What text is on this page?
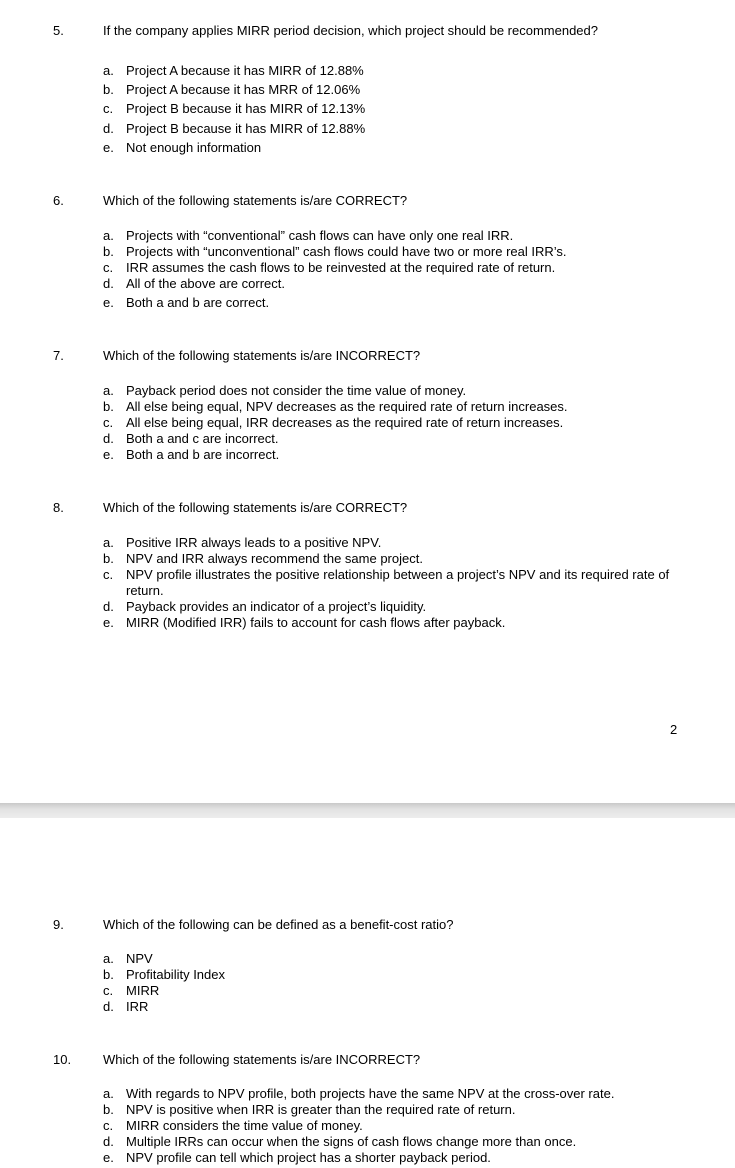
5.	If the company applies MIRR period decision, which project should be recommended?
a. Project A because it has MIRR of 12.88%
b. Project A because it has MRR of 12.06%
c. Project B because it has MIRR of 12.13%
d. Project B because it has MIRR of 12.88%
e. Not enough information
6.	Which of the following statements is/are CORRECT?
a. Projects with “conventional” cash flows can have only one real IRR.
b. Projects with “unconventional” cash flows could have two or more real IRR’s.
c. IRR assumes the cash flows to be reinvested at the required rate of return.
d. All of the above are correct.
e. Both a and b are correct.
7.	Which of the following statements is/are INCORRECT?
a. Payback period does not consider the time value of money.
b. All else being equal, NPV decreases as the required rate of return increases.
c. All else being equal, IRR decreases as the required rate of return increases.
d. Both a and c are incorrect.
e. Both a and b are incorrect.
8.	Which of the following statements is/are CORRECT?
a. Positive IRR always leads to a positive NPV.
b. NPV and IRR always recommend the same project.
c. NPV profile illustrates the positive relationship between a project’s NPV and its required rate of return.
d. Payback provides an indicator of a project’s liquidity.
e. MIRR (Modified IRR) fails to account for cash flows after payback.
2
9.	Which of the following can be defined as a benefit-cost ratio?
a. NPV
b. Profitability Index
c. MIRR
d. IRR
10. Which of the following statements is/are INCORRECT?
a. With regards to NPV profile, both projects have the same NPV at the cross-over rate.
b. NPV is positive when IRR is greater than the required rate of return.
c. MIRR considers the time value of money.
d. Multiple IRRs can occur when the signs of cash flows change more than once.
e. NPV profile can tell which project has a shorter payback period.
